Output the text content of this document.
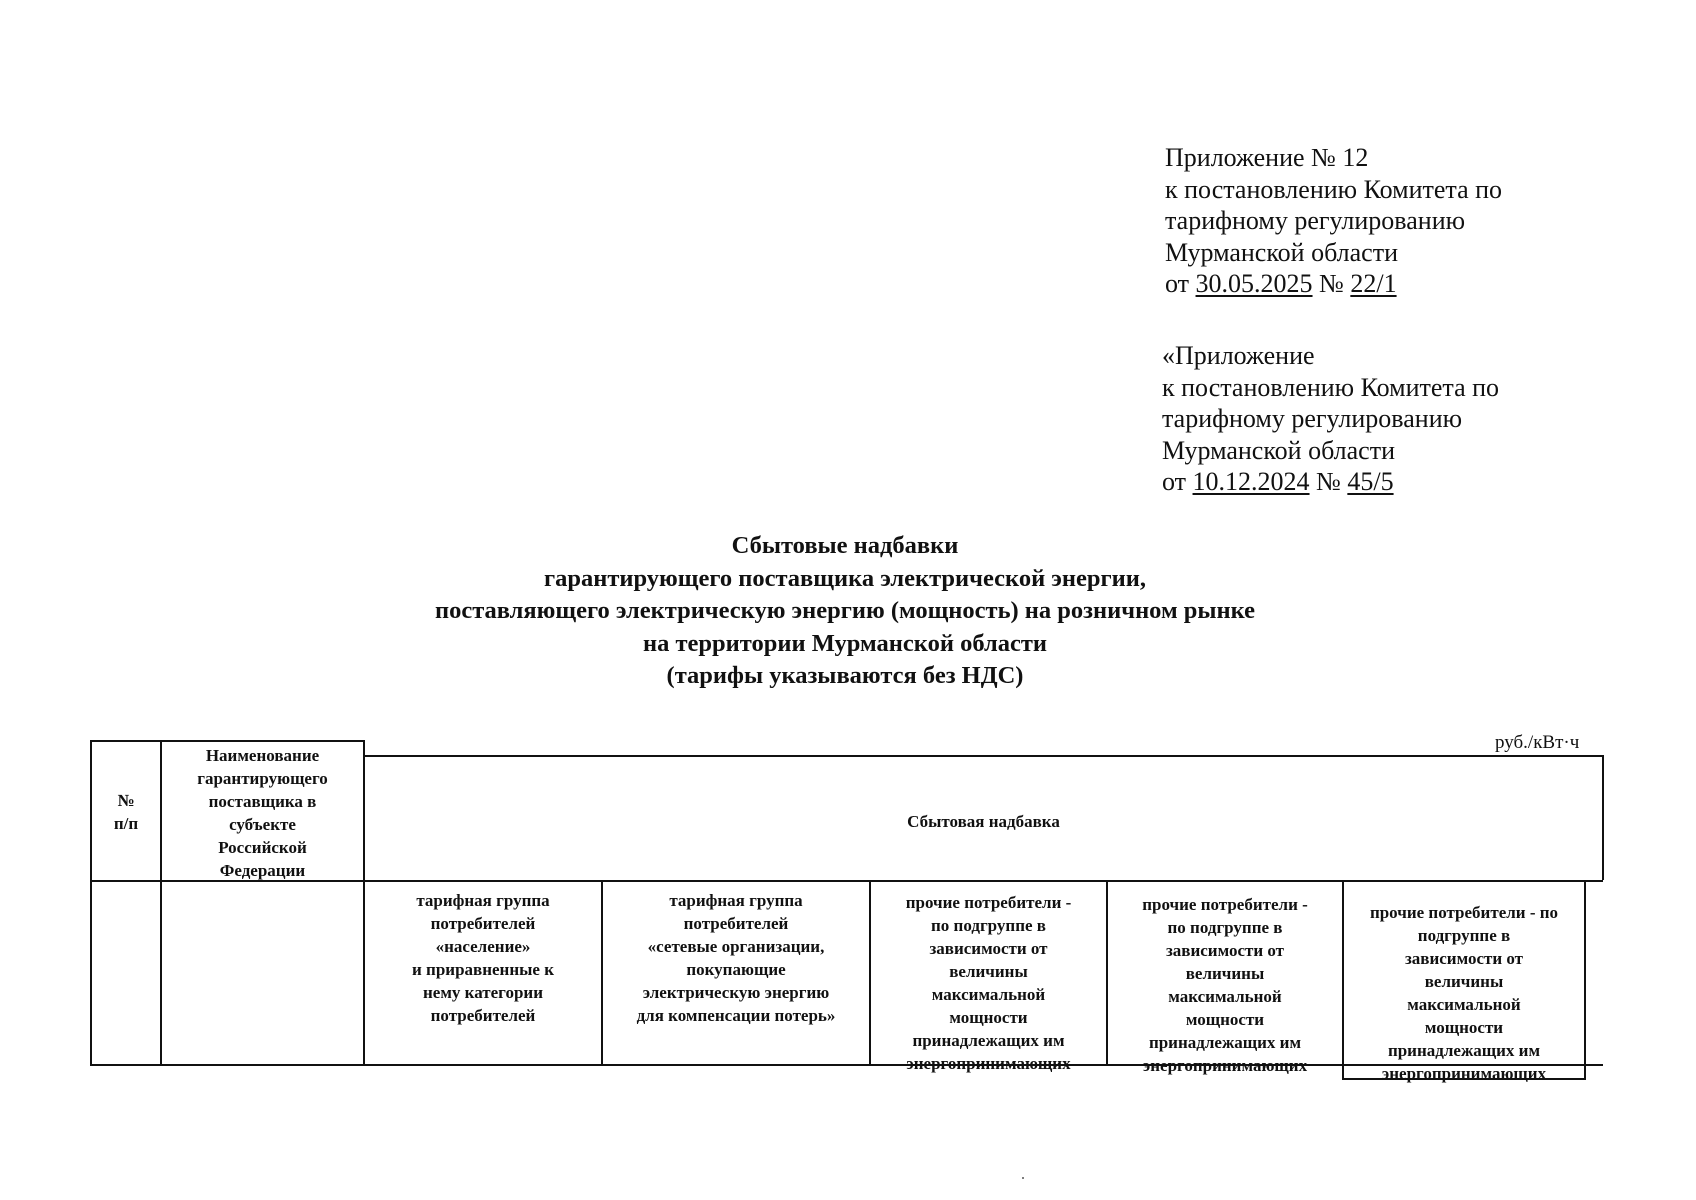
Приложение № 12
к постановлению Комитета по
тарифному регулированию
Мурманской области
от 30.05.2025 № 22/1
«Приложение
к постановлению Комитета по
тарифному регулированию
Мурманской области
от 10.12.2024 № 45/5
Сбытовые надбавки
гарантирующего поставщика электрической энергии,
поставляющего электрическую энергию (мощность) на розничном рынке
на территории Мурманской области
(тарифы указываются без НДС)
руб./кВт·ч
№
п/п
Наименование
гарантирующего
поставщика в
субъекте
Российской
Федерации
Сбытовая надбавка
тарифная группа
потребителей
«население»
и приравненные к
нему категории
потребителей
тарифная группа
потребителей
«сетевые организации,
покупающие
электрическую энергию
для компенсации потерь»
прочие потребители -
по подгруппе в
зависимости от
величины
максимальной
мощности
принадлежащих им
энергопринимающих
прочие потребители -
по подгруппе в
зависимости от
величины
максимальной
мощности
принадлежащих им
энергопринимающих
прочие потребители - по
подгруппе в
зависимости от
величины
максимальной
мощности
принадлежащих им
энергопринимающих
